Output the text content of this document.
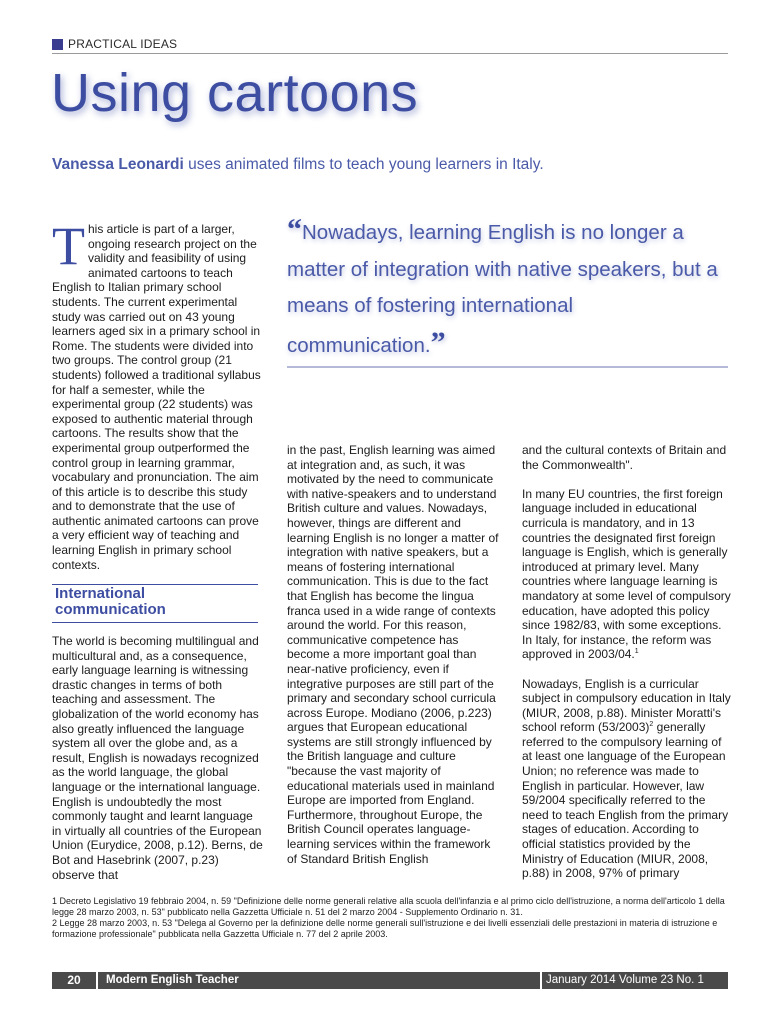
PRACTICAL IDEAS
Using cartoons
Vanessa Leonardi uses animated films to teach young learners in Italy.

This article is part of a larger, ongoing research project on the validity and feasibility of using animated cartoons to teach English to Italian primary school students. The current experimental study was carried out on 43 young learners aged six in a primary school in Rome. The students were divided into two groups. The control group (21 students) followed a traditional syllabus for half a semester, while the experimental group (22 students) was exposed to authentic material through cartoons. The results show that the experimental group outperformed the control group in learning grammar, vocabulary and pronunciation. The aim of this article is to describe this study and to demonstrate that the use of authentic animated cartoons can prove a very efficient way of teaching and learning English in primary school contexts.

International communication

The world is becoming multilingual and multicultural and, as a consequence, early language learning is witnessing drastic changes in terms of both teaching and assessment. The globalization of the world economy has also greatly influenced the language system all over the globe and, as a result, English is nowadays recognized as the world language, the global language or the international language. English is undoubtedly the most commonly taught and learnt language in virtually all countries of the European Union (Eurydice, 2008, p.12). Berns, de Bot and Hasebrink (2007, p.23) observe that

“Nowadays, learning English is no longer a matter of integration with native speakers, but a means of fostering international communication.”

in the past, English learning was aimed at integration and, as such, it was motivated by the need to communicate with native-speakers and to understand British culture and values. Nowadays, however, things are different and learning English is no longer a matter of integration with native speakers, but a means of fostering international communication. This is due to the fact that English has become the lingua franca used in a wide range of contexts around the world. For this reason, communicative competence has become a more important goal than near-native proficiency, even if integrative purposes are still part of the primary and secondary school curricula across Europe. Modiano (2006, p.223) argues that European educational systems are still strongly influenced by the British language and culture "because the vast majority of educational materials used in mainland Europe are imported from England. Furthermore, throughout Europe, the British Council operates language-learning services within the framework of Standard British English

and the cultural contexts of Britain and the Commonwealth".

In many EU countries, the first foreign language included in educational curricula is mandatory, and in 13 countries the designated first foreign language is English, which is generally introduced at primary level. Many countries where language learning is mandatory at some level of compulsory education, have adopted this policy since 1982/83, with some exceptions. In Italy, for instance, the reform was approved in 2003/04.$^1$

Nowadays, English is a curricular subject in compulsory education in Italy (MIUR, 2008, p.88). Minister Moratti's school reform $(53/2003)^2$ generally referred to the compulsory learning of at least one language of the European Union; no reference was made to English in particular. However, law 59/2004 specifically referred to the need to teach English from the primary stages of education. According to official statistics provided by the Ministry of Education (MIUR, 2008, p.88) in 2008, 97% of primary

1 Decreto Legislativo 19 febbraio 2004, n. 59 "Definizione delle norme generali relative alla scuola dell'infanzia e al primo ciclo dell'istruzione, a norma dell'articolo 1 della legge 28 marzo 2003, n. 53" pubblicato nella Gazzetta Ufficiale n. 51 del 2 marzo 2004 - Supplemento Ordinario n. 31.

2 Legge 28 marzo 2003, n. 53 "Delega al Governo per la definizione delle norme generali sull'istruzione e dei livelli essenziali delle prestazioni in materia di istruzione e formazione professionale" pubblicata nella Gazzetta Ufficiale n. 77 del 2 aprile 2003.

20	Modern English Teacher	January 2014 Volume 23 No. 1
